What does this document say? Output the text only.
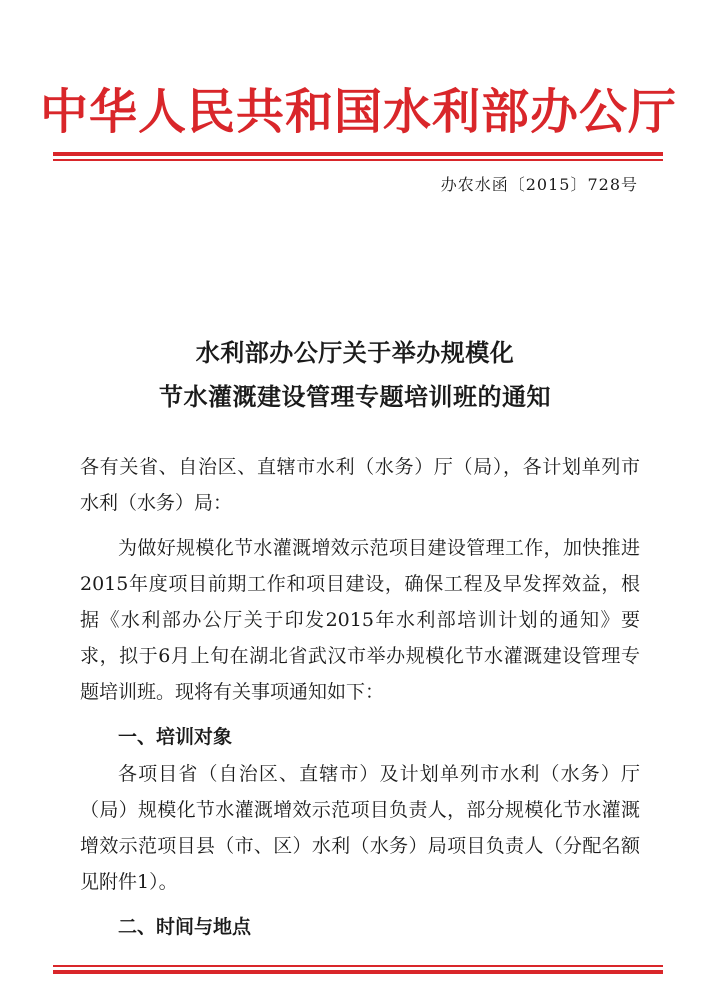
中华人民共和国水利部办公厅
办农水函〔2015〕728号
水利部办公厅关于举办规模化
节水灌溉建设管理专题培训班的通知

各有关省、自治区、直辖市水利（水务）厅（局），各计划单列市水利（水务）局：

为做好规模化节水灌溉增效示范项目建设管理工作，加快推进2015年度项目前期工作和项目建设，确保工程及早发挥效益，根据《水利部办公厅关于印发2015年水利部培训计划的通知》要求，拟于6月上旬在湖北省武汉市举办规模化节水灌溉建设管理专题培训班。现将有关事项通知如下：

一、培训对象

各项目省（自治区、直辖市）及计划单列市水利（水务）厅（局）规模化节水灌溉增效示范项目负责人，部分规模化节水灌溉增效示范项目县（市、区）水利（水务）局项目负责人（分配名额见附件1）。

二、时间与地点
